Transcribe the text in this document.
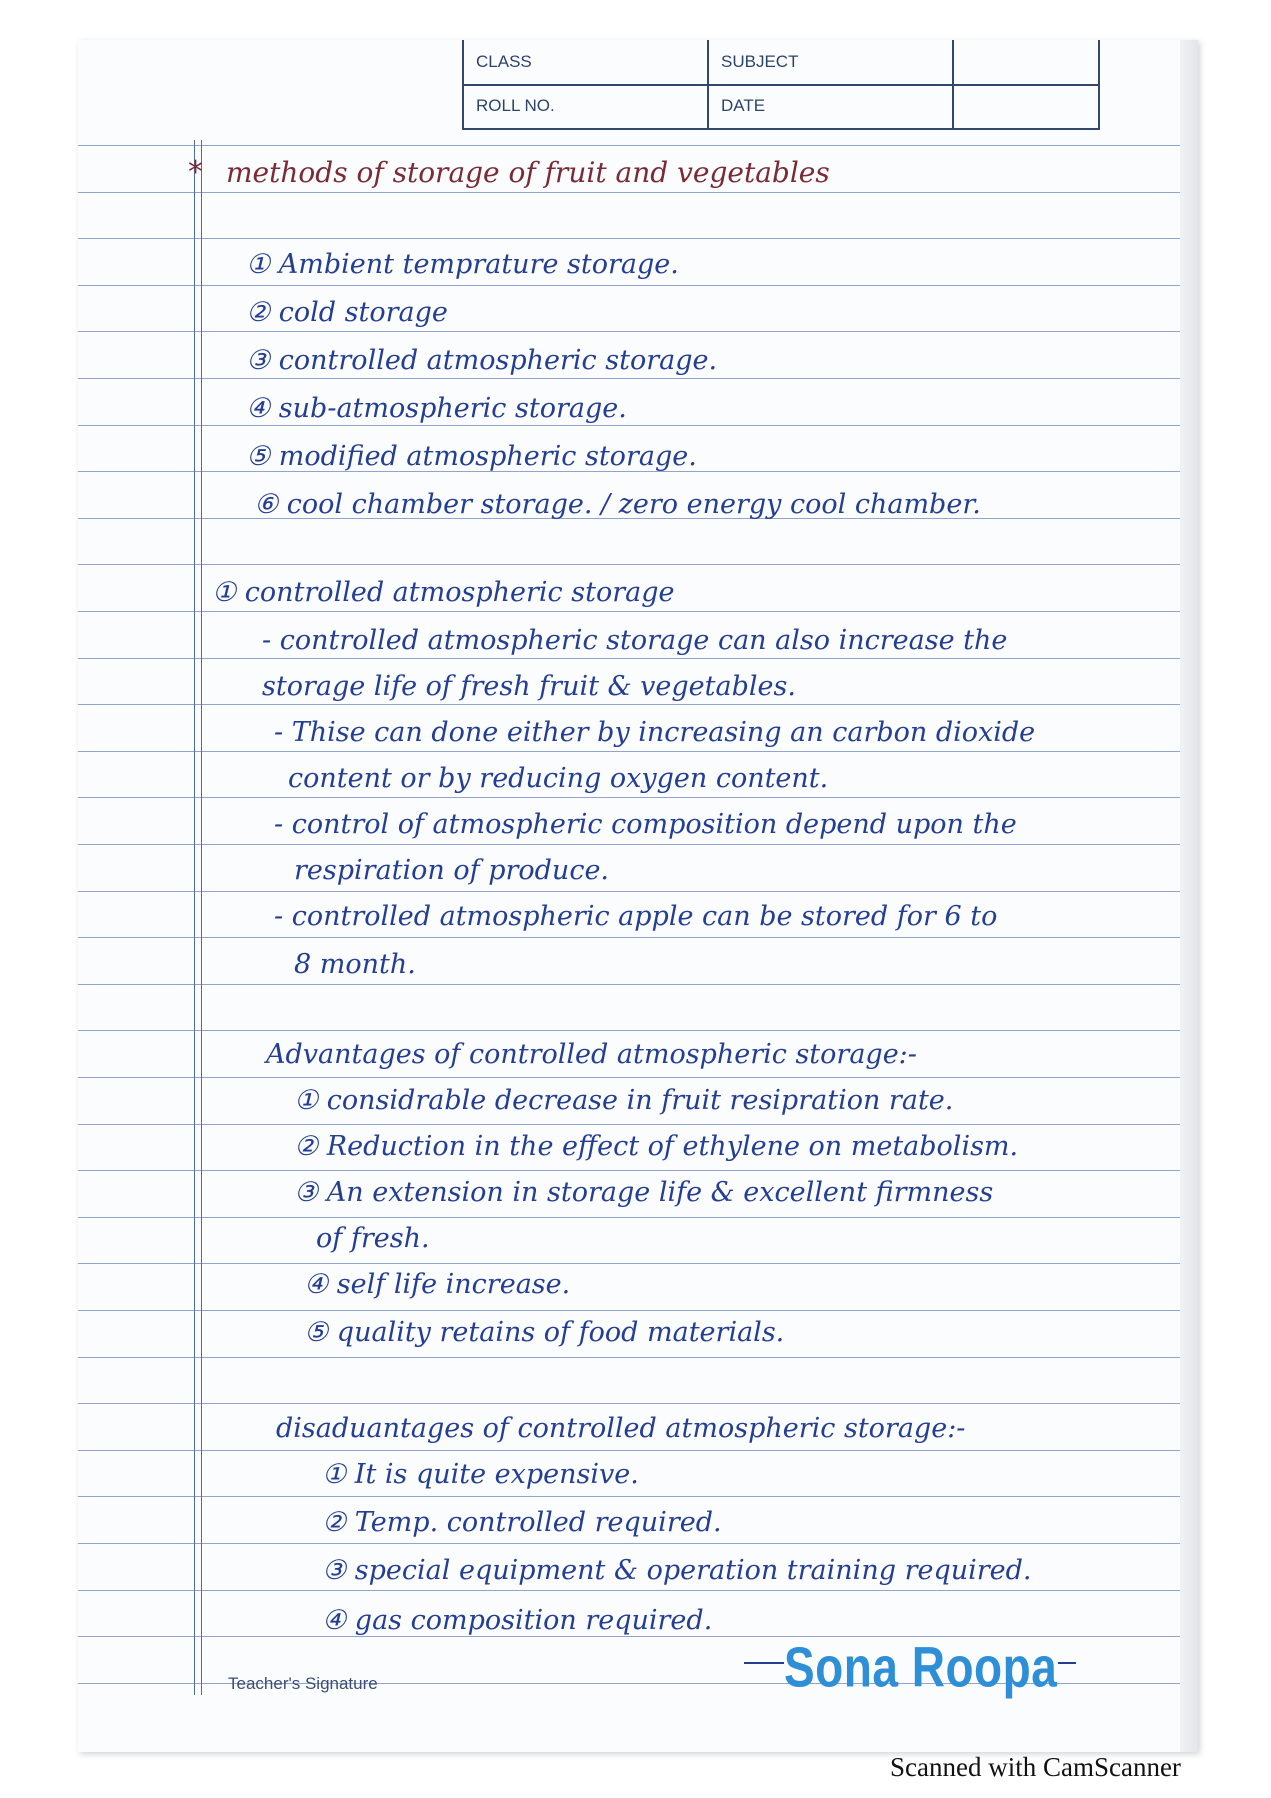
CLASS	SUBJECT
ROLL NO.	DATE
* methods of storage of fruit and vegetables
① Ambient temprature storage.
② cold storage
③ controlled atmospheric storage.
④ sub-atmospheric storage.
⑤ modified atmospheric storage.
⑥ cool chamber storage. / zero energy cool chamber.
① controlled atmospheric storage
- controlled atmospheric storage can also increase the
storage life of fresh fruit & vegetables.
- Thise can done either by increasing an carbon dioxide
content or by reducing oxygen content.
- control of atmospheric composition depend upon the
respiration of produce.
- controlled atmospheric apple can be stored for 6 to
8 month.
Advantages of controlled atmospheric storage:-
① considrable decrease in fruit resipration rate.
② Reduction in the effect of ethylene on metabolism.
③ An extension in storage life & excellent firmness
of fresh.
④ self life increase.
⑤ quality retains of food materials.
disaduantages of controlled atmospheric storage:-
① It is quite expensive.
② Temp. controlled required.
③ special equipment & operation training required.
④ gas composition required.
Sona Roopa
Teacher's Signature
Scanned with CamScanner
